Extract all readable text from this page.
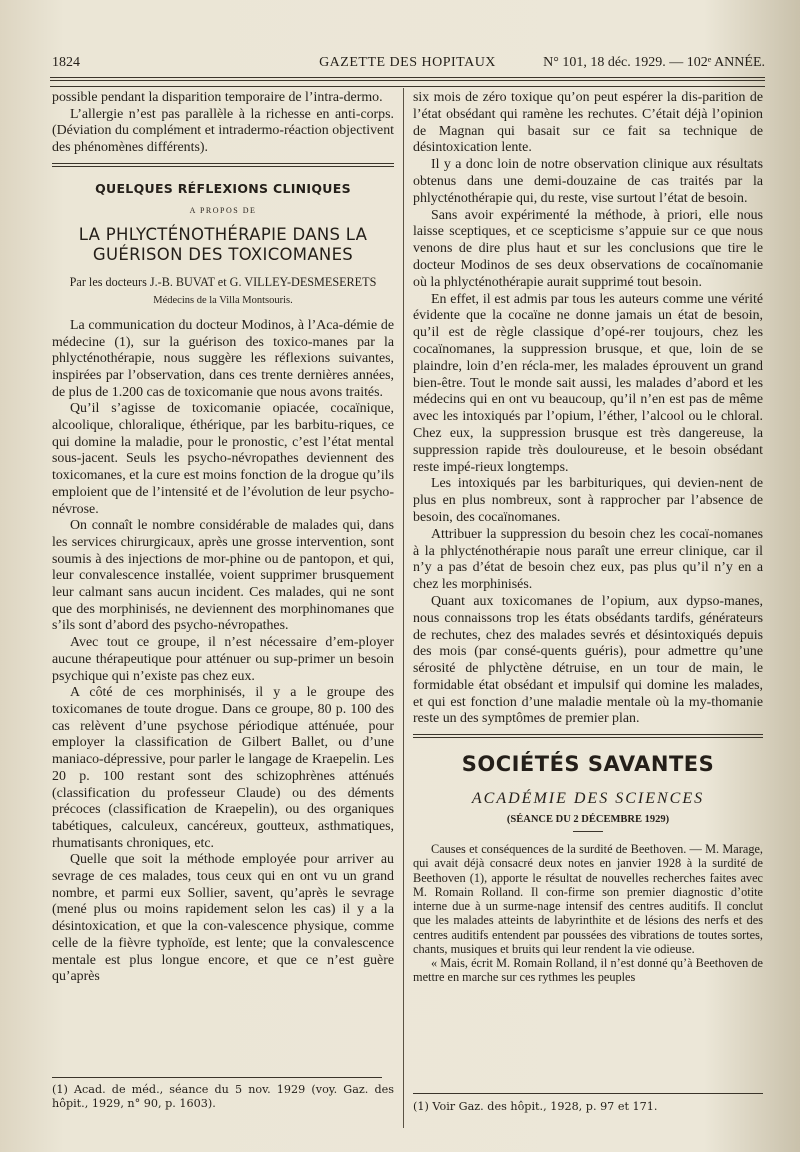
1824	GAZETTE DES HOPITAUX	N° 101, 18 déc. 1929. — 102ᵉ ANNÉE.

possible pendant la disparition temporaire de l’intra-dermo.

L’allergie n’est pas parallèle à la richesse en anti-corps. (Déviation du complément et intradermo-réaction objectivent des phénomènes différents).

QUELQUES RÉFLEXIONS CLINIQUES
A PROPOS DE
LA PHLYCTÉNOTHÉRAPIE DANS LA GUÉRISON DES TOXICOMANES
Par les docteurs J.-B. BUVAT et G. VILLEY-DESMESERETS
Médecins de la Villa Montsouris.

La communication du docteur Modinos, à l’Aca-démie de médecine (1), sur la guérison des toxico-manes par la phlycténothérapie, nous suggère les réflexions suivantes, inspirées par l’observation, dans ces trente dernières années, de plus de 1.200 cas de toxicomanie que nous avons traités.

Qu’il s’agisse de toxicomanie opiacée, cocaïnique, alcoolique, chloralique, éthérique, par les barbitu-riques, ce qui domine la maladie, pour le pronostic, c’est l’état mental sous-jacent. Seuls les psycho-névropathes deviennent des toxicomanes, et la cure est moins fonction de la drogue qu’ils emploient que de l’intensité et de l’évolution de leur psycho-névrose.

On connaît le nombre considérable de malades qui, dans les services chirurgicaux, après une grosse intervention, sont soumis à des injections de mor-phine ou de pantopon, et qui, leur convalescence installée, voient supprimer brusquement leur calmant sans aucun incident. Ces malades, qui ne sont que des morphinisés, ne deviennent des morphinomanes que s’ils sont d’abord des psycho-névropathes.

Avec tout ce groupe, il n’est nécessaire d’em-ployer aucune thérapeutique pour atténuer ou sup-primer un besoin psychique qui n’existe pas chez eux.

A côté de ces morphinisés, il y a le groupe des toxicomanes de toute drogue. Dans ce groupe, 80 p. 100 des cas relèvent d’une psychose périodique atténuée, pour employer la classification de Gilbert Ballet, ou d’une maniaco-dépressive, pour parler le langage de Kraepelin. Les 20 p. 100 restant sont des schizophrènes atténués (classification du professeur Claude) ou des déments précoces (classification de Kraepelin), ou des organiques tabétiques, calculeux, cancéreux, goutteux, asthmatiques, rhumatisants chroniques, etc.

Quelle que soit la méthode employée pour arriver au sevrage de ces malades, tous ceux qui en ont vu un grand nombre, et parmi eux Sollier, savent, qu’après le sevrage (mené plus ou moins rapidement selon les cas) il y a la désintoxication, et que la con-valescence physique, comme celle de la fièvre typhoïde, est lente; que la convalescence mentale est plus longue encore, et que ce n’est guère qu’après

(1) Acad. de méd., séance du 5 nov. 1929 (voy. Gaz. des hôpit., 1929, n° 90, p. 1603).

six mois de zéro toxique qu’on peut espérer la dis-parition de l’état obsédant qui ramène les rechutes. C’était déjà l’opinion de Magnan qui basait sur ce fait sa technique de désintoxication lente.

Il y a donc loin de notre observation clinique aux résultats obtenus dans une demi-douzaine de cas traités par la phlycténothérapie qui, du reste, vise surtout l’état de besoin.

Sans avoir expérimenté la méthode, à priori, elle nous laisse sceptiques, et ce scepticisme s’appuie sur ce que nous venons de dire plus haut et sur les conclusions que tire le docteur Modinos de ses deux observations de cocaïnomanie où la phlycténothérapie aurait supprimé tout besoin.

En effet, il est admis par tous les auteurs comme une vérité évidente que la cocaïne ne donne jamais un état de besoin, qu’il est de règle classique d’opé-rer toujours, chez les cocaïnomanes, la suppression brusque, et que, loin de se plaindre, loin d’en récla-mer, les malades éprouvent un grand bien-être. Tout le monde sait aussi, les malades d’abord et les médecins qui en ont vu beaucoup, qu’il n’en est pas de même avec les intoxiqués par l’opium, l’éther, l’alcool ou le chloral. Chez eux, la suppression brusque est très dangereuse, la suppression rapide très douloureuse, et le besoin obsédant reste impé-rieux longtemps.

Les intoxiqués par les barbituriques, qui devien-nent de plus en plus nombreux, sont à rapprocher par l’absence de besoin, des cocaïnomanes.

Attribuer la suppression du besoin chez les cocaï-nomanes à la phlycténothérapie nous paraît une erreur clinique, car il n’y a pas d’état de besoin chez eux, pas plus qu’il n’y en a chez les morphinisés.

Quant aux toxicomanes de l’opium, aux dypso-manes, nous connaissons trop les états obsédants tardifs, générateurs de rechutes, chez des malades sevrés et désintoxiqués depuis des mois (par consé-quents guéris), pour admettre qu’une sérosité de phlyctène détruise, en un tour de main, le formidable état obsédant et impulsif qui domine les malades, et qui est fonction d’une maladie mentale où la my-thomanie reste un des symptômes de premier plan.

SOCIÉTÉS SAVANTES
ACADÉMIE DES SCIENCES
(SÉANCE DU 2 DÉCEMBRE 1929)

Causes et conséquences de la surdité de Beethoven. — M. Marage, qui avait déjà consacré deux notes en janvier 1928 à la surdité de Beethoven (1), apporte le résultat de nouvelles recherches faites avec M. Romain Rolland. Il con-firme son premier diagnostic d’otite interne due à un surme-nage intensif des centres auditifs. Il conclut que les malades atteints de labyrinthite et de lésions des nerfs et des centres auditifs entendent par poussées des vibrations de toutes sortes, chants, musiques et bruits qui leur rendent la vie odieuse.

« Mais, écrit M. Romain Rolland, il n’est donné qu’à Beethoven de mettre en marche sur ces rythmes les peuples

(1) Voir Gaz. des hôpit., 1928, p. 97 et 171.
